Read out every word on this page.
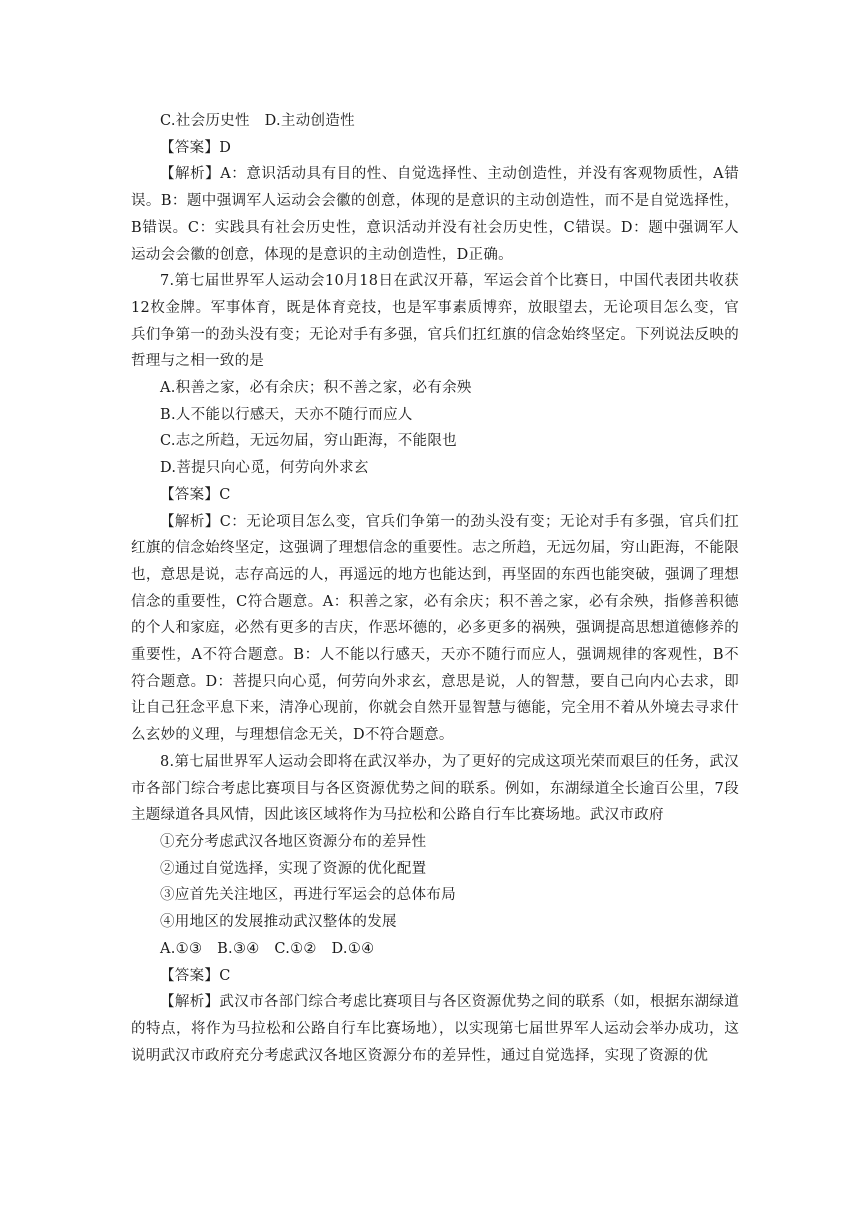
C.社会历史性　D.主动创造性

【答案】D

【解析】A：意识活动具有目的性、自觉选择性、主动创造性，并没有客观物质性，A错误。B：题中强调军人运动会会徽的创意，体现的是意识的主动创造性，而不是自觉选择性，B错误。C：实践具有社会历史性，意识活动并没有社会历史性，C错误。D：题中强调军人运动会会徽的创意，体现的是意识的主动创造性，D正确。

7.第七届世界军人运动会10月18日在武汉开幕，军运会首个比赛日，中国代表团共收获12枚金牌。军事体育，既是体育竞技，也是军事素质博弈，放眼望去，无论项目怎么变，官兵们争第一的劲头没有变；无论对手有多强，官兵们扛红旗的信念始终坚定。下列说法反映的哲理与之相一致的是

A.积善之家，必有余庆；积不善之家，必有余殃

B.人不能以行感天，天亦不随行而应人

C.志之所趋，无远勿届，穷山距海，不能限也

D.菩提只向心觅，何劳向外求玄

【答案】C

【解析】C：无论项目怎么变，官兵们争第一的劲头没有变；无论对手有多强，官兵们扛红旗的信念始终坚定，这强调了理想信念的重要性。志之所趋，无远勿届，穷山距海，不能限也，意思是说，志存高远的人，再遥远的地方也能达到，再坚固的东西也能突破，强调了理想信念的重要性，C符合题意。A：积善之家，必有余庆；积不善之家，必有余殃，指修善积德的个人和家庭，必然有更多的吉庆，作恶坏德的，必多更多的祸殃，强调提高思想道德修养的重要性，A不符合题意。B：人不能以行感天，天亦不随行而应人，强调规律的客观性，B不符合题意。D：菩提只向心觅，何劳向外求玄，意思是说，人的智慧，要自己向内心去求，即让自己狂念平息下来，清净心现前，你就会自然开显智慧与德能，完全用不着从外境去寻求什么玄妙的义理，与理想信念无关，D不符合题意。

8.第七届世界军人运动会即将在武汉举办，为了更好的完成这项光荣而艰巨的任务，武汉市各部门综合考虑比赛项目与各区资源优势之间的联系。例如，东湖绿道全长逾百公里，7段主题绿道各具风情，因此该区域将作为马拉松和公路自行车比赛场地。武汉市政府

①充分考虑武汉各地区资源分布的差异性

②通过自觉选择，实现了资源的优化配置

③应首先关注地区，再进行军运会的总体布局

④用地区的发展推动武汉整体的发展

A.①③　B.③④　C.①②　D.①④

【答案】C

【解析】武汉市各部门综合考虑比赛项目与各区资源优势之间的联系（如，根据东湖绿道的特点，将作为马拉松和公路自行车比赛场地），以实现第七届世界军人运动会举办成功，这说明武汉市政府充分考虑武汉各地区资源分布的差异性，通过自觉选择，实现了资源的优
